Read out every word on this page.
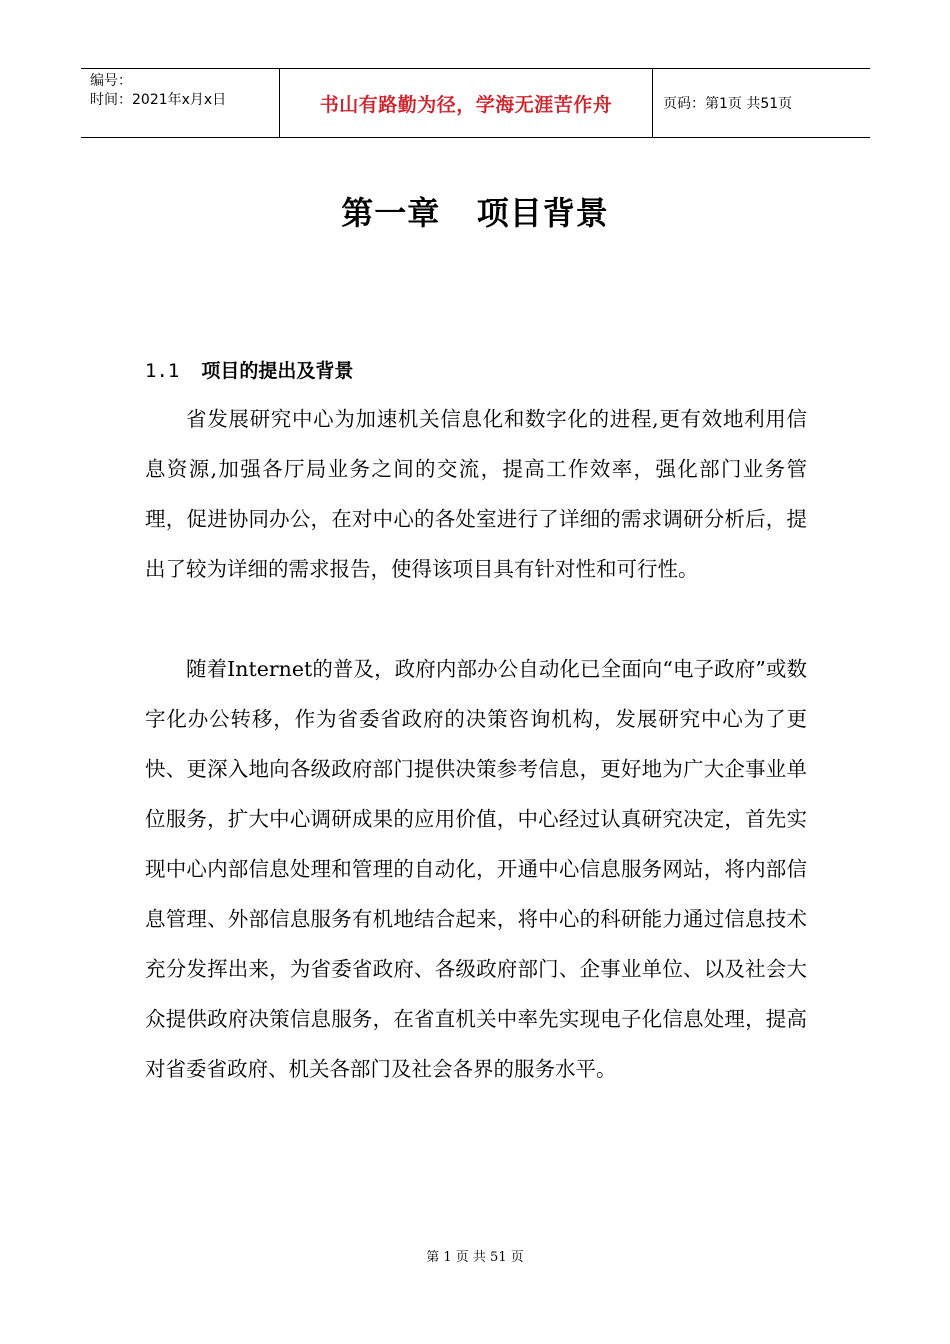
编号：
时间：2021年x月x日	书山有路勤为径，学海无涯苦作舟	页码：第1页 共51页
第一章   项目背景
1.1 项目的提出及背景

省发展研究中心为加速机关信息化和数字化的进程,更有效地利用信息资源,加强各厅局业务之间的交流，提高工作效率，强化部门业务管理，促进协同办公，在对中心的各处室进行了详细的需求调研分析后，提出了较为详细的需求报告，使得该项目具有针对性和可行性。

随着Internet的普及，政府内部办公自动化已全面向“电子政府”或数字化办公转移，作为省委省政府的决策咨询机构，发展研究中心为了更快、更深入地向各级政府部门提供决策参考信息，更好地为广大企事业单位服务，扩大中心调研成果的应用价值，中心经过认真研究决定，首先实现中心内部信息处理和管理的自动化，开通中心信息服务网站，将内部信息管理、外部信息服务有机地结合起来，将中心的科研能力通过信息技术充分发挥出来，为省委省政府、各级政府部门、企事业单位、以及社会大众提供政府决策信息服务，在省直机关中率先实现电子化信息处理，提高对省委省政府、机关各部门及社会各界的服务水平。

第 1 页 共 51 页
